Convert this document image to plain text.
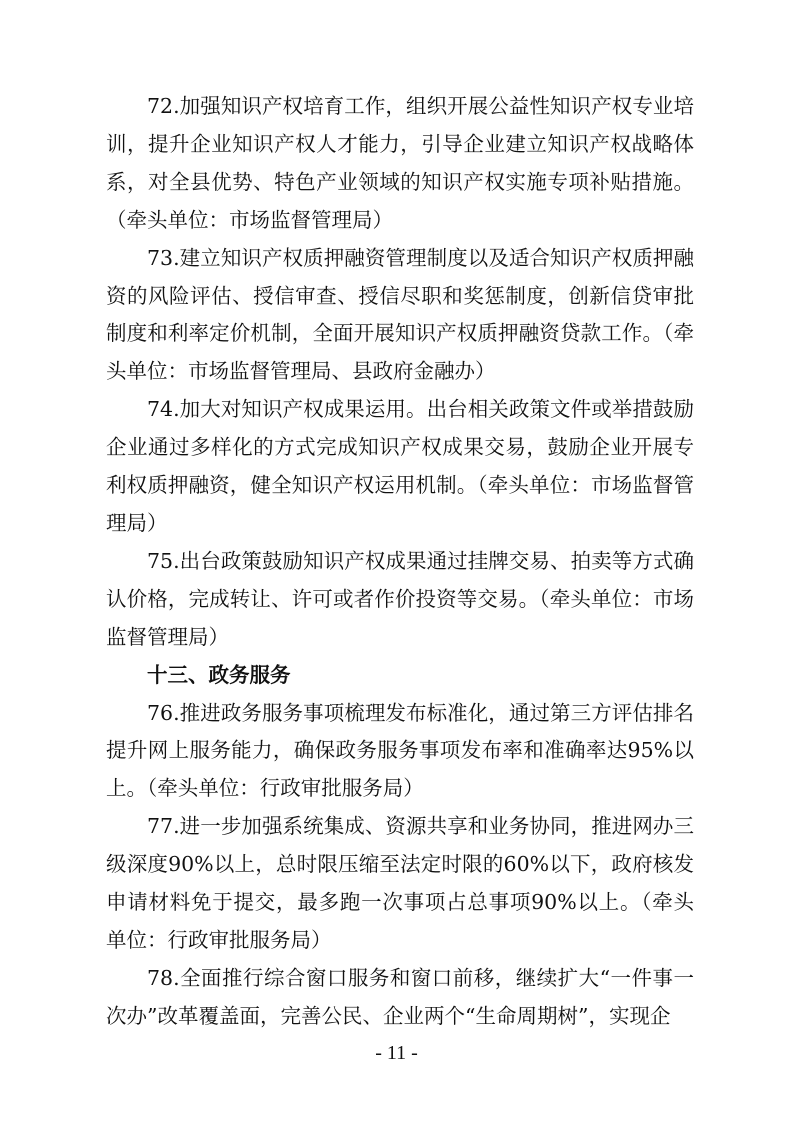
72.加强知识产权培育工作，组织开展公益性知识产权专业培训，提升企业知识产权人才能力，引导企业建立知识产权战略体系，对全县优势、特色产业领域的知识产权实施专项补贴措施。（牵头单位：市场监督管理局）

73.建立知识产权质押融资管理制度以及适合知识产权质押融资的风险评估、授信审查、授信尽职和奖惩制度，创新信贷审批制度和利率定价机制，全面开展知识产权质押融资贷款工作。（牵头单位：市场监督管理局、县政府金融办）

74.加大对知识产权成果运用。出台相关政策文件或举措鼓励企业通过多样化的方式完成知识产权成果交易，鼓励企业开展专利权质押融资，健全知识产权运用机制。（牵头单位：市场监督管理局）

75.出台政策鼓励知识产权成果通过挂牌交易、拍卖等方式确认价格，完成转让、许可或者作价投资等交易。（牵头单位：市场监督管理局）

十三、政务服务

76.推进政务服务事项梳理发布标准化，通过第三方评估排名提升网上服务能力，确保政务服务事项发布率和准确率达95%以上。（牵头单位：行政审批服务局）

77.进一步加强系统集成、资源共享和业务协同，推进网办三级深度90%以上，总时限压缩至法定时限的60%以下，政府核发申请材料免于提交，最多跑一次事项占总事项90%以上。（牵头单位：行政审批服务局）

78.全面推行综合窗口服务和窗口前移，继续扩大“一件事一次办”改革覆盖面，完善公民、企业两个“生命周期树”，实现企

- 11 -
